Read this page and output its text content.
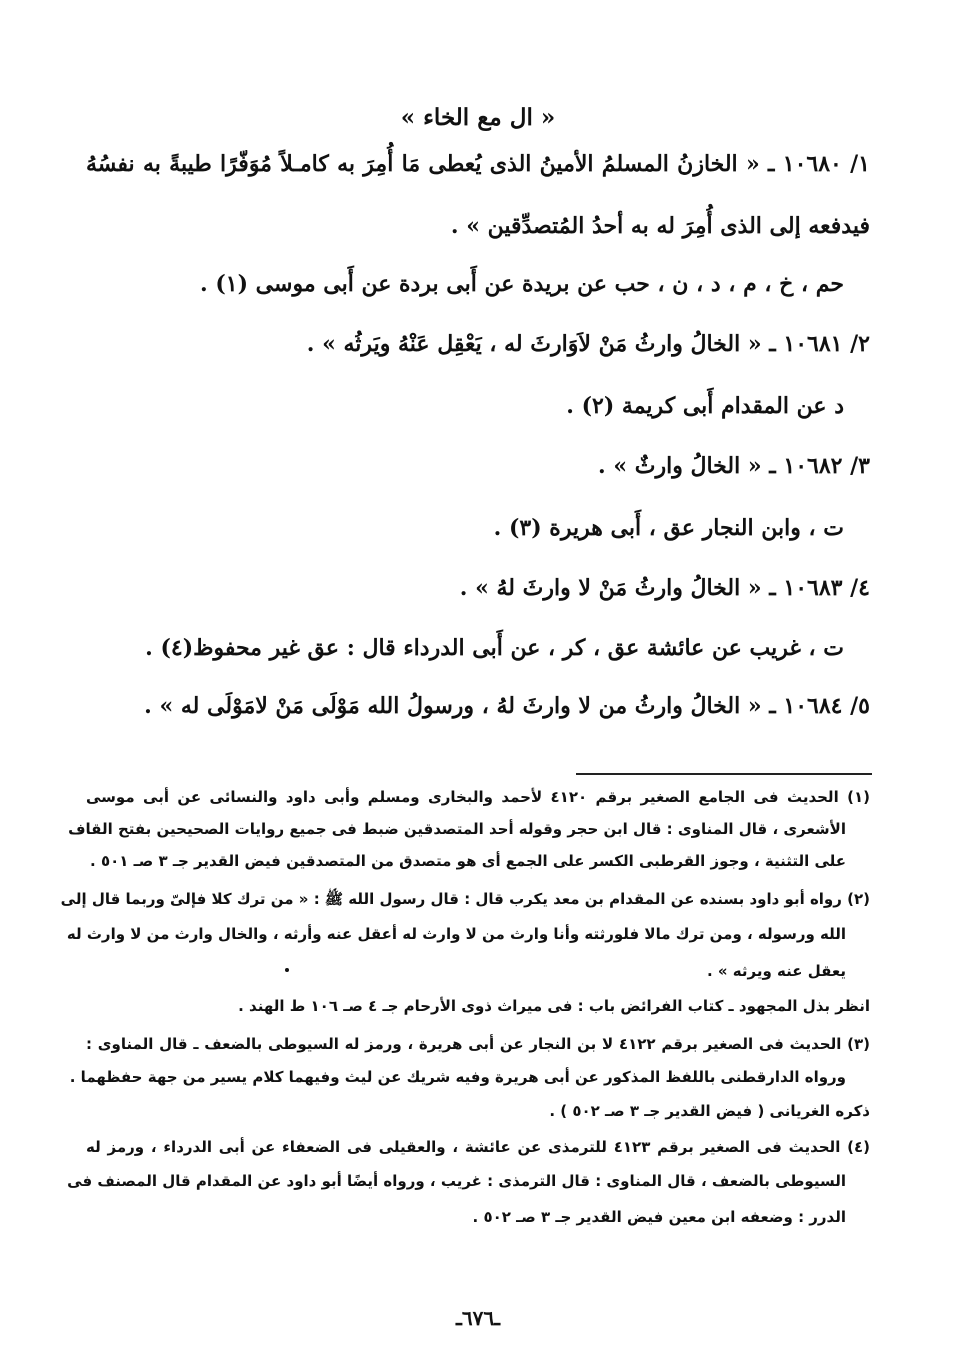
« ال مع الخاء »
١/ ١٠٦٨٠ ـ « الخازنُ المسلمُ الأمينُ الذى يُعطى مَا أُمِرَ به كامـلاً مُوَفّرًا طيبةً به نفسُهُ
فيدفعه إلى الذى أُمِرَ له به أحدُ المُتصدِّقين » .
حم ، خ ، م ، د ، ن ، حب عن بريدة عن أَبى بردة عن أَبى موسى (١) .
٢/ ١٠٦٨١ ـ « الخالُ وارثُ مَنْ لاَوَارثَ له ، يَعْقِل عَنْهُ ويَرثُه » .
د عن المقدام أَبى كريمة (٢) .
٣/ ١٠٦٨٢ ـ « الخالُ وارثٌ » .
ت ، وابن النجار عق ، أَبى هريرة (٣) .
٤/ ١٠٦٨٣ ـ « الخالُ وارثُ مَنْ لا وارثَ لهُ » .
ت ، غريب عن عائشة عق ، كر ، عن أَبى الدرداء قال : عق غير محفوظ(٤) .
٥/ ١٠٦٨٤ ـ « الخالُ وارثُ من لا وارثَ لهُ ، ورسولُ الله مَوْلَى مَنْ لامَوْلَى له » .
(١) الحديث فى الجامع الصغير برقم ٤١٢٠ لأحمد والبخارى ومسلم وأبى داود والنسائى عن أبى موسى
الأشعرى ، قال المناوى : قال ابن حجر وقوله أحد المتصدقين ضبط فى جميع روايات الصحيحين بفتح القاف
على التثنية ، وجوز القرطبى الكسر على الجمع أى هو متصدق من المتصدقين فيض القدير جـ ٣ صـ ٥٠١ .
(٢) رواه أبو داود بسنده عن المقدام بن معد يكرب قال : قال رسول الله ﷺ : « من ترك كلا فإلىّ وربما قال إلى
الله ورسوله ، ومن ترك مالا فلورثته وأنا وارث من لا وارث له أعقل عنه وأرثه ، والخال وارث من لا وارث له
يعقل عنه ويرثه » .
انظر بذل المجهود ـ كتاب الفرائض باب : فى ميراث ذوى الأرحام جـ ٤ صـ ١٠٦ ط الهند .
(٣) الحديث فى الصغير برقم ٤١٢٢ لا بن النجار عن أبى هريرة ، ورمز له السيوطى بالضعف ـ قال المناوى :
ورواه الدارقطنى باللفظ المذكور عن أبى هريرة وفيه شريك عن ليث وفيهما كلام يسير من جهة حفظهما .
ذكره الغريانى ( فيض القدير جـ ٣ صـ ٥٠٢ ) .
(٤) الحديث فى الصغير برقم ٤١٢٣ للترمذى عن عائشة ، والعقيلى فى الضعفاء عن أبى الدرداء ، ورمز له
السيوطى بالضعف ، قال المناوى : قال الترمذى : غريب ، ورواه أيضًا أبو داود عن المقدام قال المصنف فى
الدرر : وضعفه ابن معين فيض القدير جـ ٣ صـ ٥٠٢ .
ـ٦٧٦ـ
